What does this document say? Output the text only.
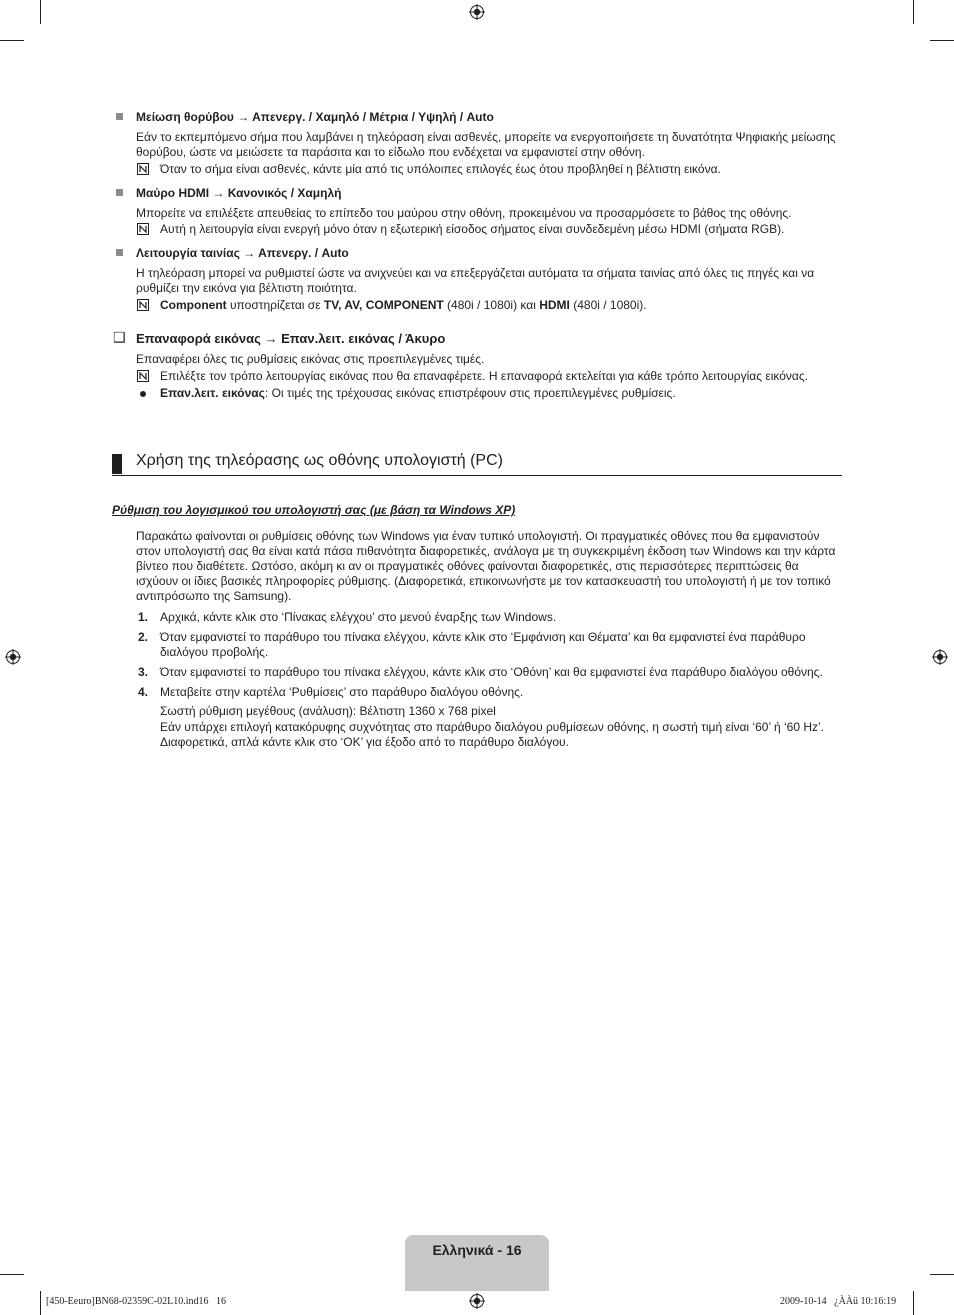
Μείωση θορύβου → Απενεργ. / Χαμηλό / Μέτρια / Υψηλή / Auto
Εάν το εκπεμπόμενο σήμα που λαμβάνει η τηλεόραση είναι ασθενές, μπορείτε να ενεργοποιήσετε τη δυνατότητα Ψηφιακής μείωσης θορύβου, ώστε να μειώσετε τα παράσιτα και το είδωλο που ενδέχεται να εμφανιστεί στην οθόνη.
Όταν το σήμα είναι ασθενές, κάντε μία από τις υπόλοιπες επιλογές έως ότου προβληθεί η βέλτιστη εικόνα.
Μαύρο HDMI → Κανονικός / Χαμηλή
Μπορείτε να επιλέξετε απευθείας το επίπεδο του μαύρου στην οθόνη, προκειμένου να προσαρμόσετε το βάθος της οθόνης.
Αυτή η λειτουργία είναι ενεργή μόνο όταν η εξωτερική είσοδος σήματος είναι συνδεδεμένη μέσω HDMI (σήματα RGB).
Λειτουργία ταινίας → Απενεργ. / Auto
Η τηλεόραση μπορεί να ρυθμιστεί ώστε να ανιχνεύει και να επεξεργάζεται αυτόματα τα σήματα ταινίας από όλες τις πηγές και να ρυθμίζει την εικόνα για βέλτιστη ποιότητα.
Component υποστηρίζεται σε TV, AV, COMPONENT (480i / 1080i) και HDMI (480i / 1080i).
❑ Επαναφορά εικόνας → Επαν.λειτ. εικόνας / Άκυρο
Επαναφέρει όλες τις ρυθμίσεις εικόνας στις προεπιλεγμένες τιμές.
Επιλέξτε τον τρόπο λειτουργίας εικόνας που θα επαναφέρετε. Η επαναφορά εκτελείται για κάθε τρόπο λειτουργίας εικόνας.
Επαν.λειτ. εικόνας: Οι τιμές της τρέχουσας εικόνας επιστρέφουν στις προεπιλεγμένες ρυθμίσεις.
Χρήση της τηλεόρασης ως οθόνης υπολογιστή (PC)
Ρύθμιση του λογισμικού του υπολογιστή σας (με βάση τα Windows XP)
Παρακάτω φαίνονται οι ρυθμίσεις οθόνης των Windows για έναν τυπικό υπολογιστή. Οι πραγματικές οθόνες που θα εμφανιστούν στον υπολογιστή σας θα είναι κατά πάσα πιθανότητα διαφορετικές, ανάλογα με τη συγκεκριμένη έκδοση των Windows και την κάρτα βίντεο που διαθέτετε. Ωστόσο, ακόμη κι αν οι πραγματικές οθόνες φαίνονται διαφορετικές, στις περισσότερες περιπτώσεις θα ισχύουν οι ίδιες βασικές πληροφορίες ρύθμισης. (Διαφορετικά, επικοινωνήστε με τον κατασκευαστή του υπολογιστή ή με τον τοπικό αντιπρόσωπο της Samsung).
1. Αρχικά, κάντε κλικ στο ‘Πίνακας ελέγχου’ στο μενού έναρξης των Windows.
2. Όταν εμφανιστεί το παράθυρο του πίνακα ελέγχου, κάντε κλικ στο ‘Εμφάνιση και Θέματα’ και θα εμφανιστεί ένα παράθυρο διαλόγου προβολής.
3. Όταν εμφανιστεί το παράθυρο του πίνακα ελέγχου, κάντε κλικ στο ‘Οθόνη’ και θα εμφανιστεί ένα παράθυρο διαλόγου οθόνης.
4. Μεταβείτε στην καρτέλα ‘Ρυθμίσεις’ στο παράθυρο διαλόγου οθόνης.
Σωστή ρύθμιση μεγέθους (ανάλυση): Βέλτιστη 1360 x 768 pixel
Εάν υπάρχει επιλογή κατακόρυφης συχνότητας στο παράθυρο διαλόγου ρυθμίσεων οθόνης, η σωστή τιμή είναι ‘60’ ή ‘60 Hz’. Διαφορετικά, απλά κάντε κλικ στο ‘OK’ για έξοδο από το παράθυρο διαλόγου.
Ελληνικά - 16
[450-Eeuro]BN68-02359C-02L10.ind16   16	2009-10-14   ¿ÀÀü 10:16:19
